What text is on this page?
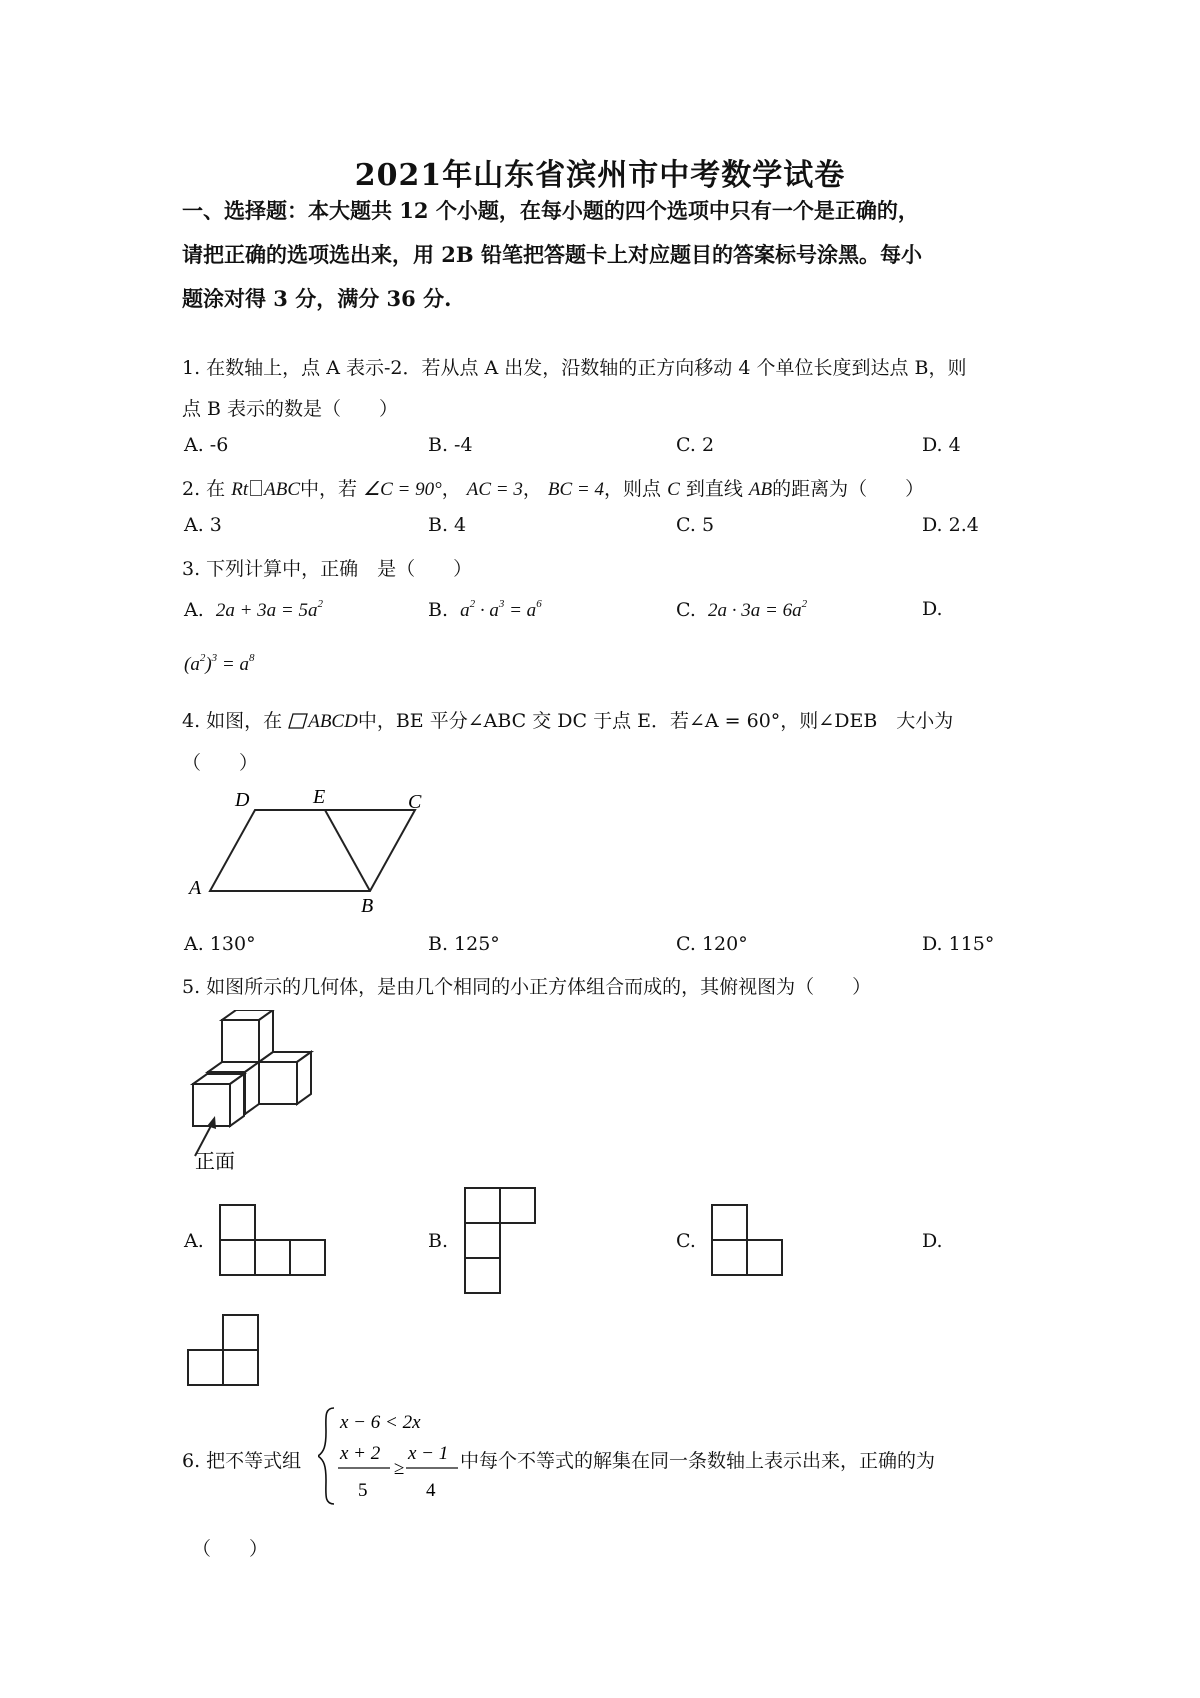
2021年山东省滨州市中考数学试卷
一、选择题：本大题共 12 个小题，在每小题的四个选项中只有一个是正确的，
请把正确的选项选出来，用 2B 铅笔把答题卡上对应题目的答案标号涂黑。每小
题涂对得 3 分，满分 36 分.
1. 在数轴上，点 A 表示-2．若从点 A 出发，沿数轴的正方向移动 4 个单位长度到达点 B，则
点 B 表示的数是（　　）
A. -6	B. -4	C. 2	D. 4
2. 在 Rt ABC中，若 ∠C = 90°， AC = 3， BC = 4，则点 C 到直线 AB的距离为（　　）
A. 3	B. 4	C. 5	D. 2.4
3. 下列计算中，正确　是（　　）
A. $2a + 3a = 5a^2$	B. $a^2 \cdot a^3 = a^6$	C. $2a \cdot 3a = 6a^2$	D.
$(a^2)^3 = a^8$
4. 如图，在 ABCD中，BE 平分∠ABC 交 DC 于点 E．若∠A = 60°，则∠DEB　大小为
（　　）
D	E	C
A
B
A. 130°	B. 125°	C. 120°	D. 115°
5. 如图所示的几何体，是由几个相同的小正方体组合而成的，其俯视图为（　　）
正面
A.	B.	C.	D.
6. 把不等式组
x − 6 < 2x
x + 2
5
≥
x − 1
4
中每个不等式的解集在同一条数轴上表示出来，正确的为
（　　）
